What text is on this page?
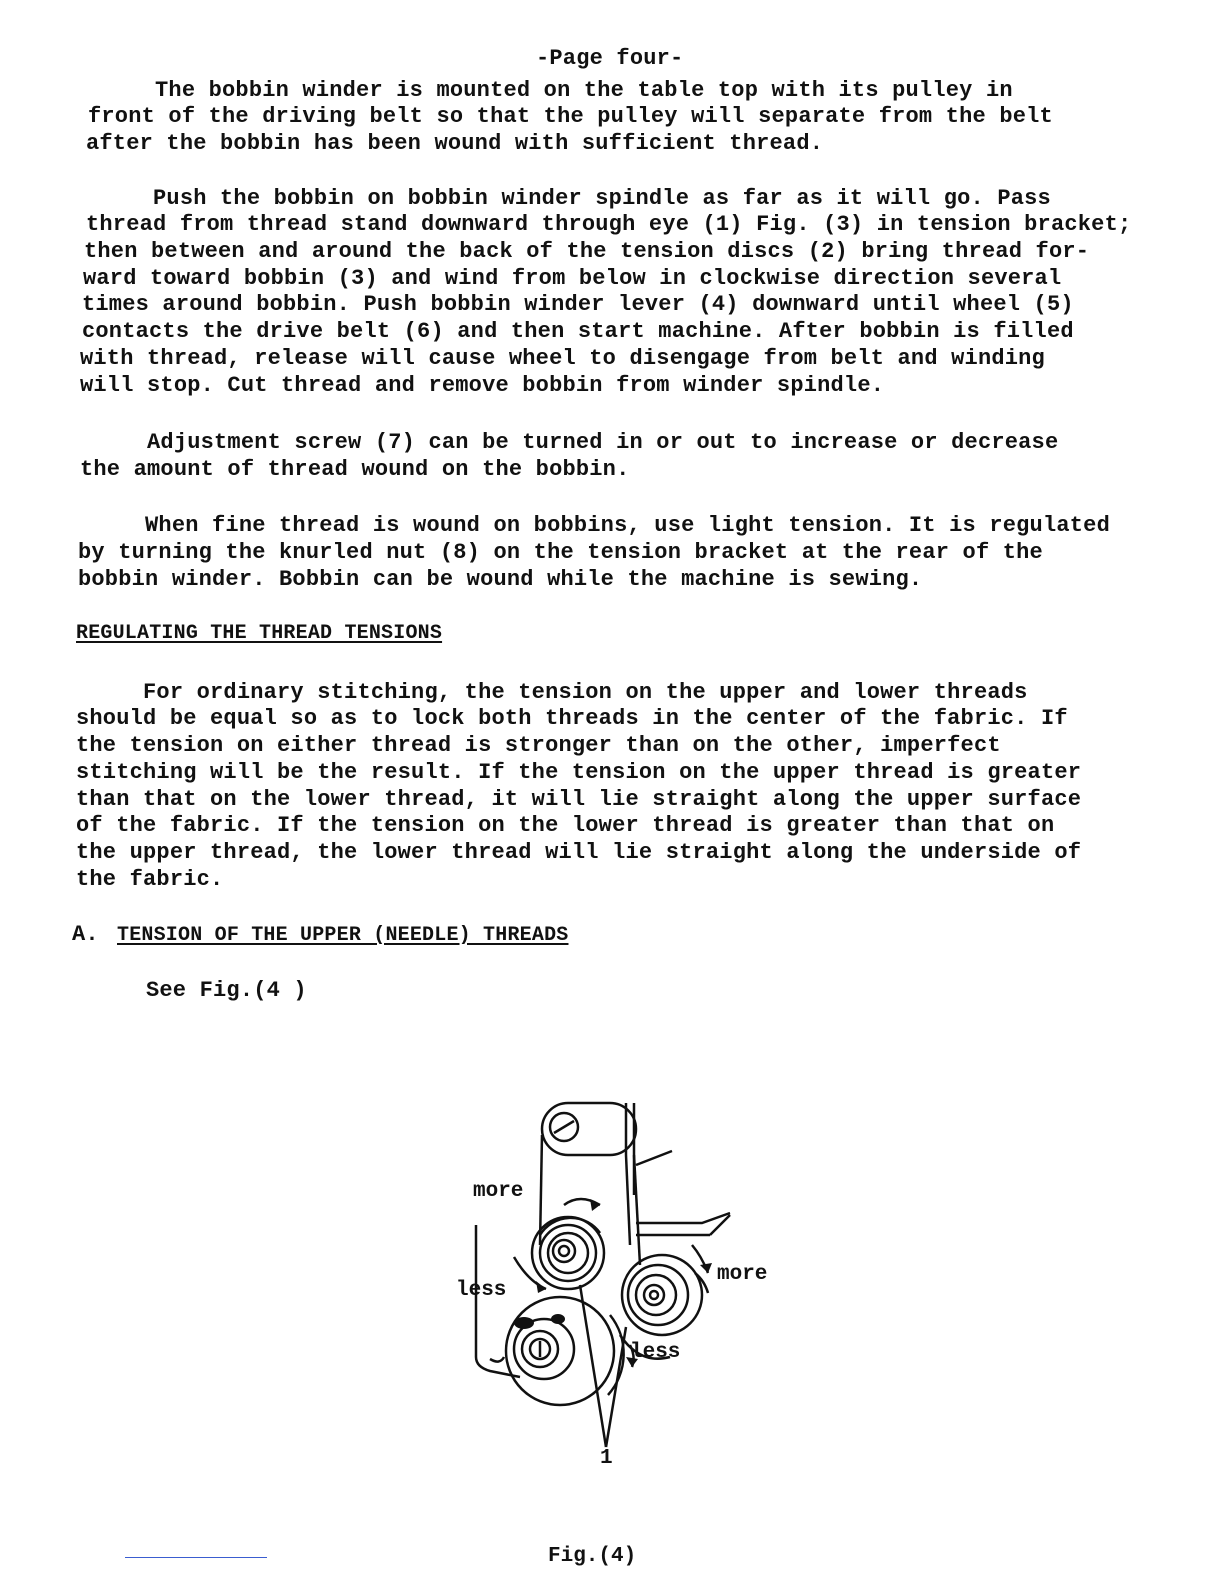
-Page four-
The bobbin winder is mounted on the table top with its pulley in
front of the driving belt so that the pulley will separate from the belt
after the bobbin has been wound with sufficient thread.
Push the bobbin on bobbin winder spindle as far as it will go. Pass
thread from thread stand downward through eye (1) Fig. (3) in tension bracket;
then between and around the back of the tension discs (2) bring thread for-
ward toward bobbin (3) and wind from below in clockwise direction several
times around bobbin. Push bobbin winder lever (4) downward until wheel (5)
contacts the drive belt (6) and then start machine. After bobbin is filled
with thread, release will cause wheel to disengage from belt and winding
will stop. Cut thread and remove bobbin from winder spindle.
Adjustment screw (7) can be turned in or out to increase or decrease
the amount of thread wound on the bobbin.
When fine thread is wound on bobbins, use light tension. It is regulated
by turning the knurled nut (8) on the tension bracket at the rear of the
bobbin winder. Bobbin can be wound while the machine is sewing.
REGULATING THE THREAD TENSIONS
For ordinary stitching, the tension on the upper and lower threads
should be equal so as to lock both threads in the center of the fabric. If
the tension on either thread is stronger than on the other, imperfect
stitching will be the result. If the tension on the upper thread is greater
than that on the lower thread, it will lie straight along the upper surface
of the fabric. If the tension on the lower thread is greater than that on
the upper thread, the lower thread will lie straight along the underside of
the fabric.
A. TENSION OF THE UPPER (NEEDLE) THREADS
See Fig.(4 )
more
more
less
less
1
Fig.(4)
